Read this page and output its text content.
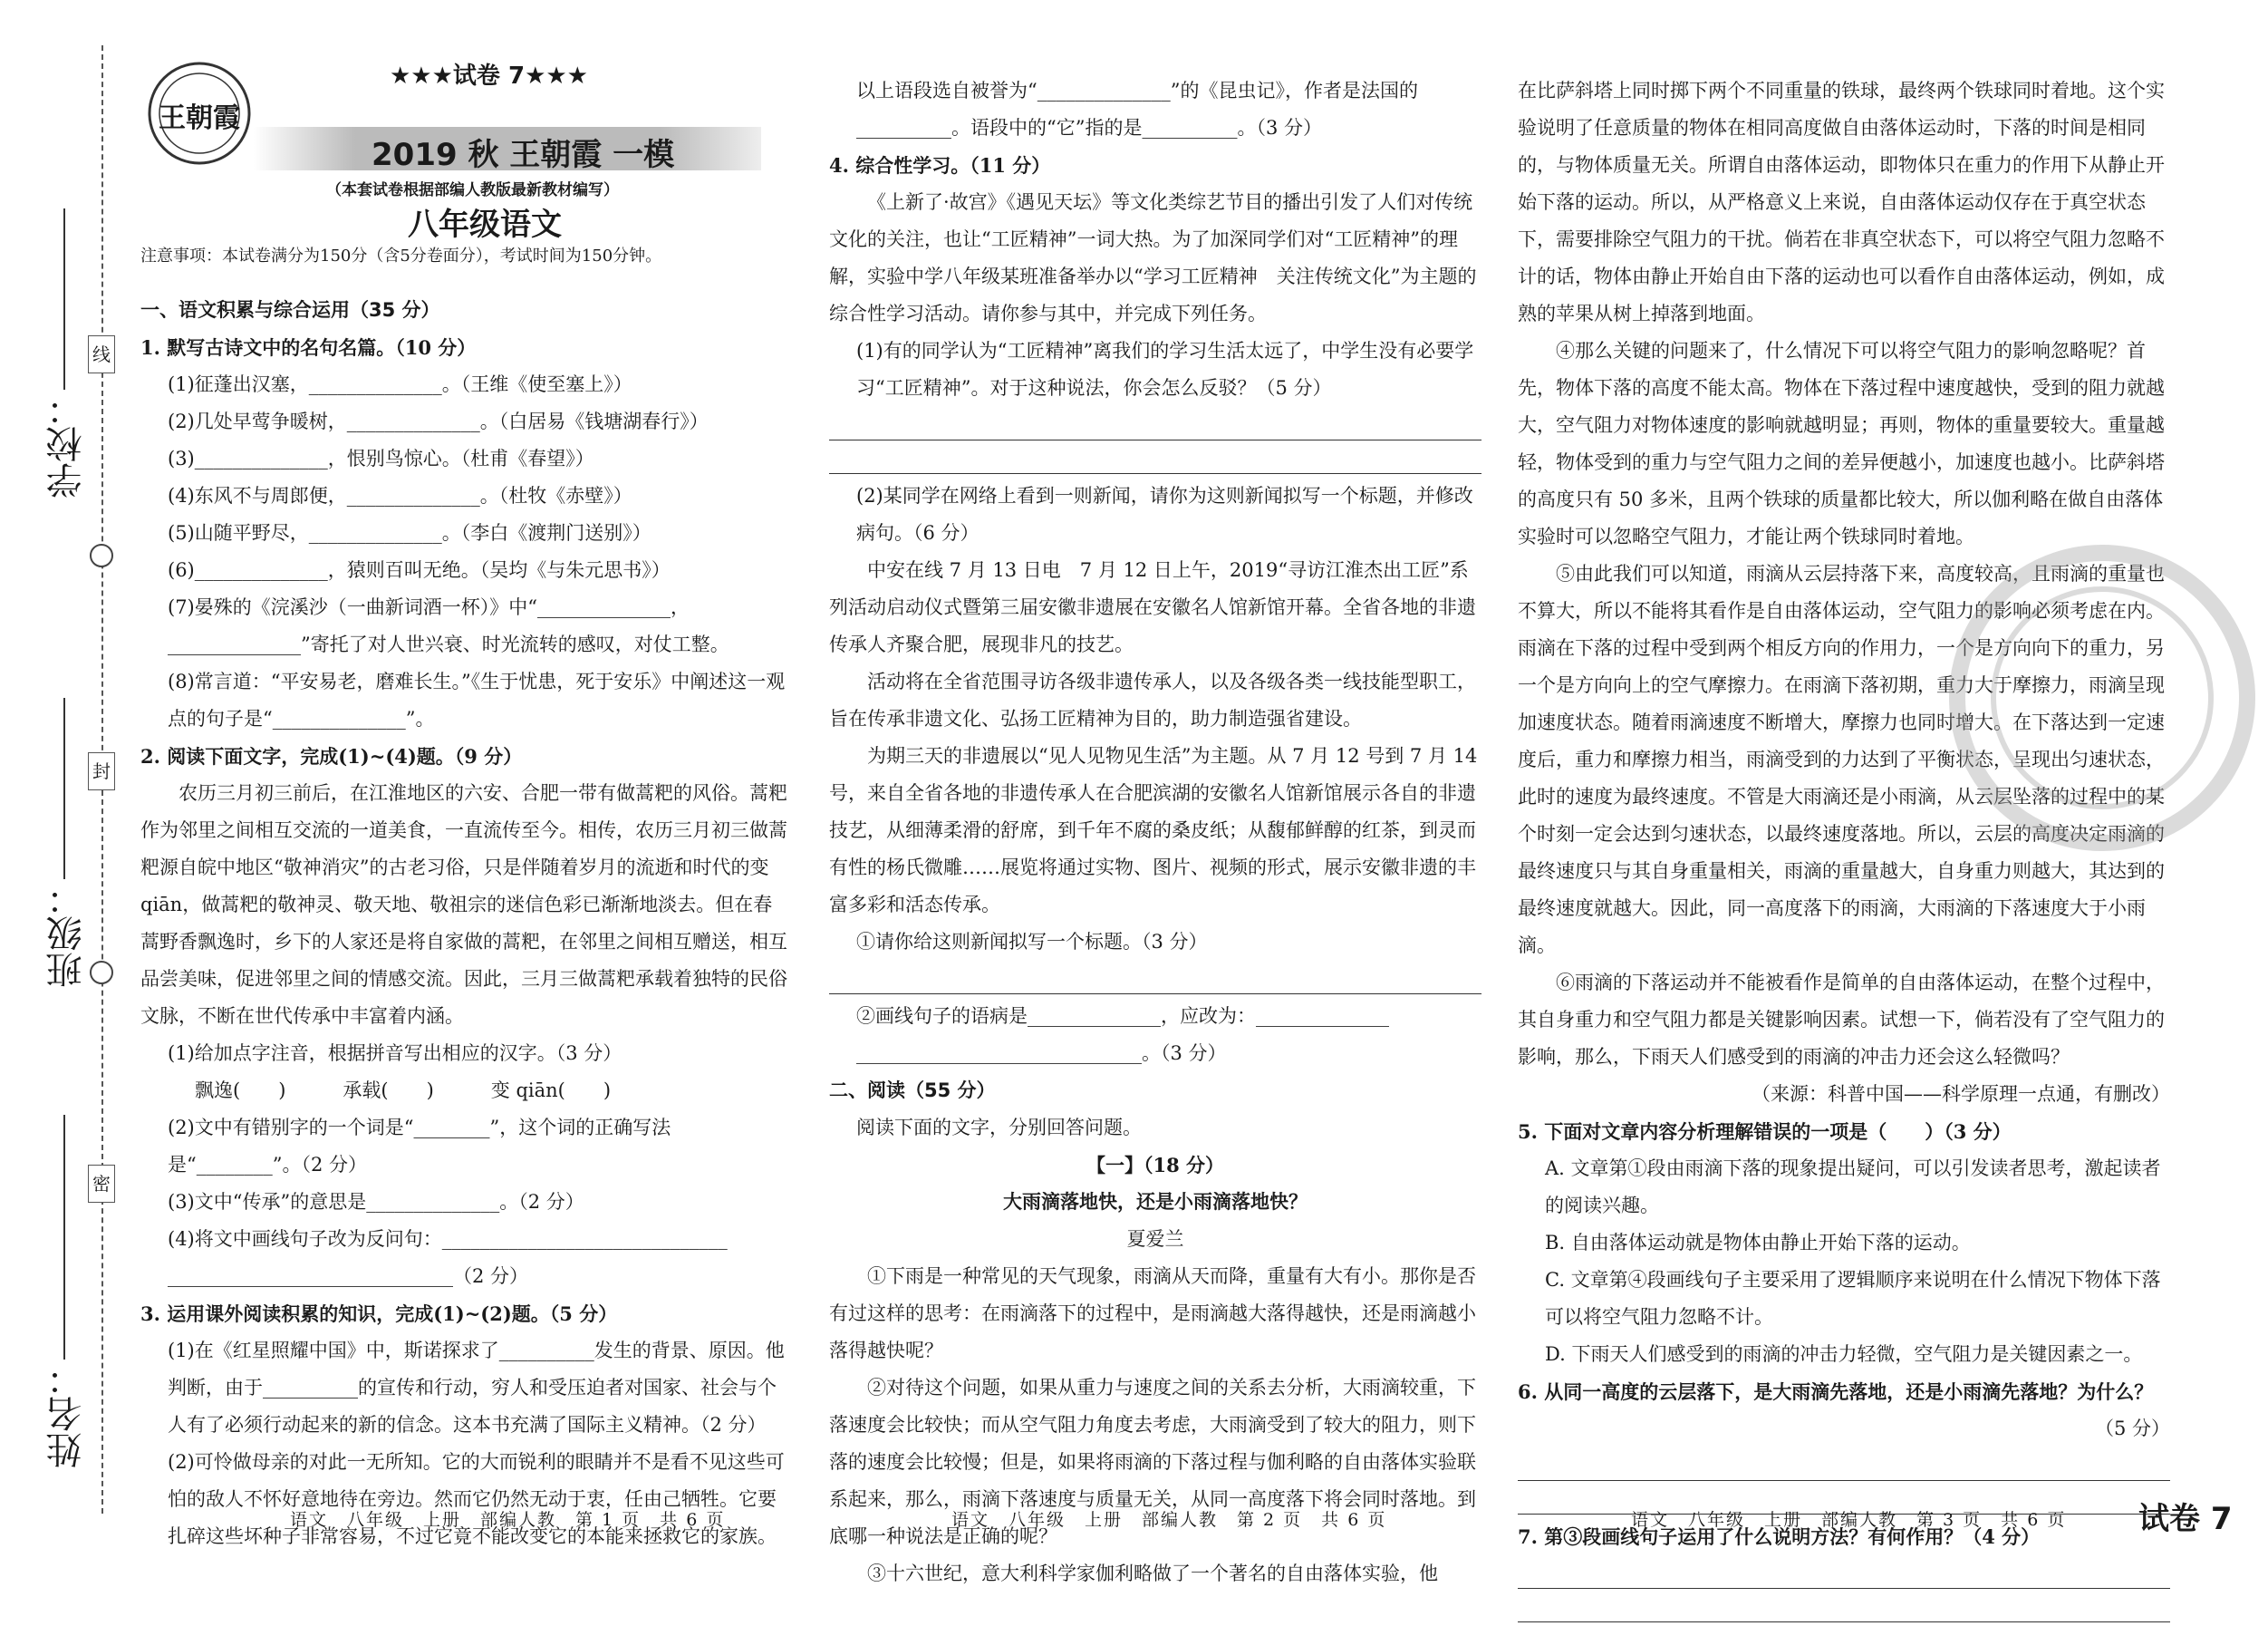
学校：
班级：
姓名：
线
封
密
王朝霞
★★★试卷 7★★★
2019 秋 王朝霞 一模
（本套试卷根据部编人教版最新教材编写）
八年级语文
注意事项：本试卷满分为150分（含5分卷面分），考试时间为150分钟。

一、语文积累与综合运用（35 分）

1. 默写古诗文中的名句名篇。（10 分）

(1)征蓬出汉塞，______________。（王维《使至塞上》）

(2)几处早莺争暖树，______________。（白居易《钱塘湖春行》）

(3)______________，恨别鸟惊心。（杜甫《春望》）

(4)东风不与周郎便，______________。（杜牧《赤壁》）

(5)山随平野尽，______________。（李白《渡荆门送别》）

(6)______________，猿则百叫无绝。（吴均《与朱元思书》）

(7)晏殊的《浣溪沙（一曲新词酒一杯）》中“______________，______________”寄托了对人世兴衰、时光流转的感叹，对仗工整。

(8)常言道：“平安易老，磨难长生。”《生于忧患，死于安乐》中阐述这一观点的句子是“______________”。

2. 阅读下面文字，完成(1)~(4)题。（9 分）

农历三月初三前后，在江淮地区的六安、合肥一带有做蒿粑的风俗。蒿粑作为邻里之间相互交流的一道美食，一直流传至今。相传，农历三月初三做蒿粑源自皖中地区“敬神消灾”的古老习俗，只是伴随着岁月的流逝和时代的变 qiān，做蒿粑的敬神灵、敬天地、敬祖宗的迷信色彩已渐渐地淡去。但在春蒿野香飘逸时，乡下的人家还是将自家做的蒿粑，在邻里之间相互赠送，相互品尝美味，促进邻里之间的情感交流。因此，三月三做蒿粑承载着独特的民俗文脉，不断在世代传承中丰富着内涵。

(1)给加点字注音，根据拼音写出相应的汉字。（3 分）

飘逸(　　)　　　承载(　　)　　　变 qiān(　　)

(2)文中有错别字的一个词是“________”，这个词的正确写法是“________”。（2 分）

(3)文中“传承”的意思是______________。（2 分）

(4)将文中画线句子改为反问句：______________________________

______________________________（2 分）

3. 运用课外阅读积累的知识，完成(1)~(2)题。（5 分）

(1)在《红星照耀中国》中，斯诺探求了__________发生的背景、原因。他判断，由于__________的宣传和行动，穷人和受压迫者对国家、社会与个人有了必须行动起来的新的信念。这本书充满了国际主义精神。（2 分）

(2)可怜做母亲的对此一无所知。它的大而锐利的眼睛并不是看不见这些可怕的敌人不怀好意地待在旁边。然而它仍然无动于衷，任由己牺牲。它要扎碎这些坏种子非常容易，不过它竟不能改变它的本能来拯救它的家族。

以上语段选自被誉为“______________”的《昆虫记》，作者是法国的__________。语段中的“它”指的是__________。（3 分）

4. 综合性学习。（11 分）

《上新了·故宫》《遇见天坛》等文化类综艺节目的播出引发了人们对传统文化的关注，也让“工匠精神”一词大热。为了加深同学们对“工匠精神”的理解，实验中学八年级某班准备举办以“学习工匠精神　关注传统文化”为主题的综合性学习活动。请你参与其中，并完成下列任务。

(1)有的同学认为“工匠精神”离我们的学习生活太远了，中学生没有必要学习“工匠精神”。对于这种说法，你会怎么反驳？（5 分）

(2)某同学在网络上看到一则新闻，请你为这则新闻拟写一个标题，并修改病句。（6 分）

中安在线 7 月 13 日电　7 月 12 日上午，2019“寻访江淮杰出工匠”系列活动启动仪式暨第三届安徽非遗展在安徽名人馆新馆开幕。全省各地的非遗传承人齐聚合肥，展现非凡的技艺。

活动将在全省范围寻访各级非遗传承人，以及各级各类一线技能型职工，旨在传承非遗文化、弘扬工匠精神为目的，助力制造强省建设。

为期三天的非遗展以“见人见物见生活”为主题。从 7 月 12 号到 7 月 14 号，来自全省各地的非遗传承人在合肥滨湖的安徽名人馆新馆展示各自的非遗技艺，从细薄柔滑的舒席，到千年不腐的桑皮纸；从馥郁鲜醇的红茶，到灵而有性的杨氏微雕……展览将通过实物、图片、视频的形式，展示安徽非遗的丰富多彩和活态传承。

①请你给这则新闻拟写一个标题。（3 分）

②画线句子的语病是______________，应改为：______________

______________________________。（3 分）

二、阅读（55 分）

阅读下面的文字，分别回答问题。

【一】（18 分）

大雨滴落地快，还是小雨滴落地快？

夏爱兰

①下雨是一种常见的天气现象，雨滴从天而降，重量有大有小。那你是否有过这样的思考：在雨滴落下的过程中，是雨滴越大落得越快，还是雨滴越小落得越快呢？

②对待这个问题，如果从重力与速度之间的关系去分析，大雨滴较重，下落速度会比较快；而从空气阻力角度去考虑，大雨滴受到了较大的阻力，则下落的速度会比较慢；但是，如果将雨滴的下落过程与伽利略的自由落体实验联系起来，那么，雨滴下落速度与质量无关，从同一高度落下将会同时落地。到底哪一种说法是正确的呢？

③十六世纪，意大利科学家伽利略做了一个著名的自由落体实验，他

在比萨斜塔上同时掷下两个不同重量的铁球，最终两个铁球同时着地。这个实验说明了任意质量的物体在相同高度做自由落体运动时，下落的时间是相同的，与物体质量无关。所谓自由落体运动，即物体只在重力的作用下从静止开始下落的运动。所以，从严格意义上来说，自由落体运动仅存在于真空状态下，需要排除空气阻力的干扰。倘若在非真空状态下，可以将空气阻力忽略不计的话，物体由静止开始自由下落的运动也可以看作自由落体运动，例如，成熟的苹果从树上掉落到地面。

④那么关键的问题来了，什么情况下可以将空气阻力的影响忽略呢？首先，物体下落的高度不能太高。物体在下落过程中速度越快，受到的阻力就越大，空气阻力对物体速度的影响就越明显；再则，物体的重量要较大。重量越轻，物体受到的重力与空气阻力之间的差异便越小，加速度也越小。比萨斜塔的高度只有 50 多米，且两个铁球的质量都比较大，所以伽利略在做自由落体实验时可以忽略空气阻力，才能让两个铁球同时着地。

⑤由此我们可以知道，雨滴从云层持落下来，高度较高，且雨滴的重量也不算大，所以不能将其看作是自由落体运动，空气阻力的影响必须考虑在内。雨滴在下落的过程中受到两个相反方向的作用力，一个是方向向下的重力，另一个是方向向上的空气摩擦力。在雨滴下落初期，重力大于摩擦力，雨滴呈现加速度状态。随着雨滴速度不断增大，摩擦力也同时增大。在下落达到一定速度后，重力和摩擦力相当，雨滴受到的力达到了平衡状态，呈现出匀速状态，此时的速度为最终速度。不管是大雨滴还是小雨滴，从云层坠落的过程中的某个时刻一定会达到匀速状态，以最终速度落地。所以，云层的高度决定雨滴的最终速度只与其自身重量相关，雨滴的重量越大，自身重力则越大，其达到的最终速度就越大。因此，同一高度落下的雨滴，大雨滴的下落速度大于小雨滴。

⑥雨滴的下落运动并不能被看作是简单的自由落体运动，在整个过程中，其自身重力和空气阻力都是关键影响因素。试想一下，倘若没有了空气阻力的影响，那么，下雨天人们感受到的雨滴的冲击力还会这么轻微吗？

（来源：科普中国——科学原理一点通，有删改）

5. 下面对文章内容分析理解错误的一项是（　　）（3 分）

A. 文章第①段由雨滴下落的现象提出疑问，可以引发读者思考，激起读者的阅读兴趣。

B. 自由落体运动就是物体由静止开始下落的运动。

C. 文章第④段画线句子主要采用了逻辑顺序来说明在什么情况下物体下落可以将空气阻力忽略不计。

D. 下雨天人们感受到的雨滴的冲击力轻微，空气阻力是关键因素之一。

6. 从同一高度的云层落下，是大雨滴先落地，还是小雨滴先落地？为什么？

（5 分）

7. 第③段画线句子运用了什么说明方法？有何作用？（4 分）

语文　八年级　上册　部编人教　第 1 页　共 6 页	语文　八年级　上册　部编人教　第 2 页　共 6 页	语文　八年级　上册　部编人教　第 3 页　共 6 页 试卷 7
